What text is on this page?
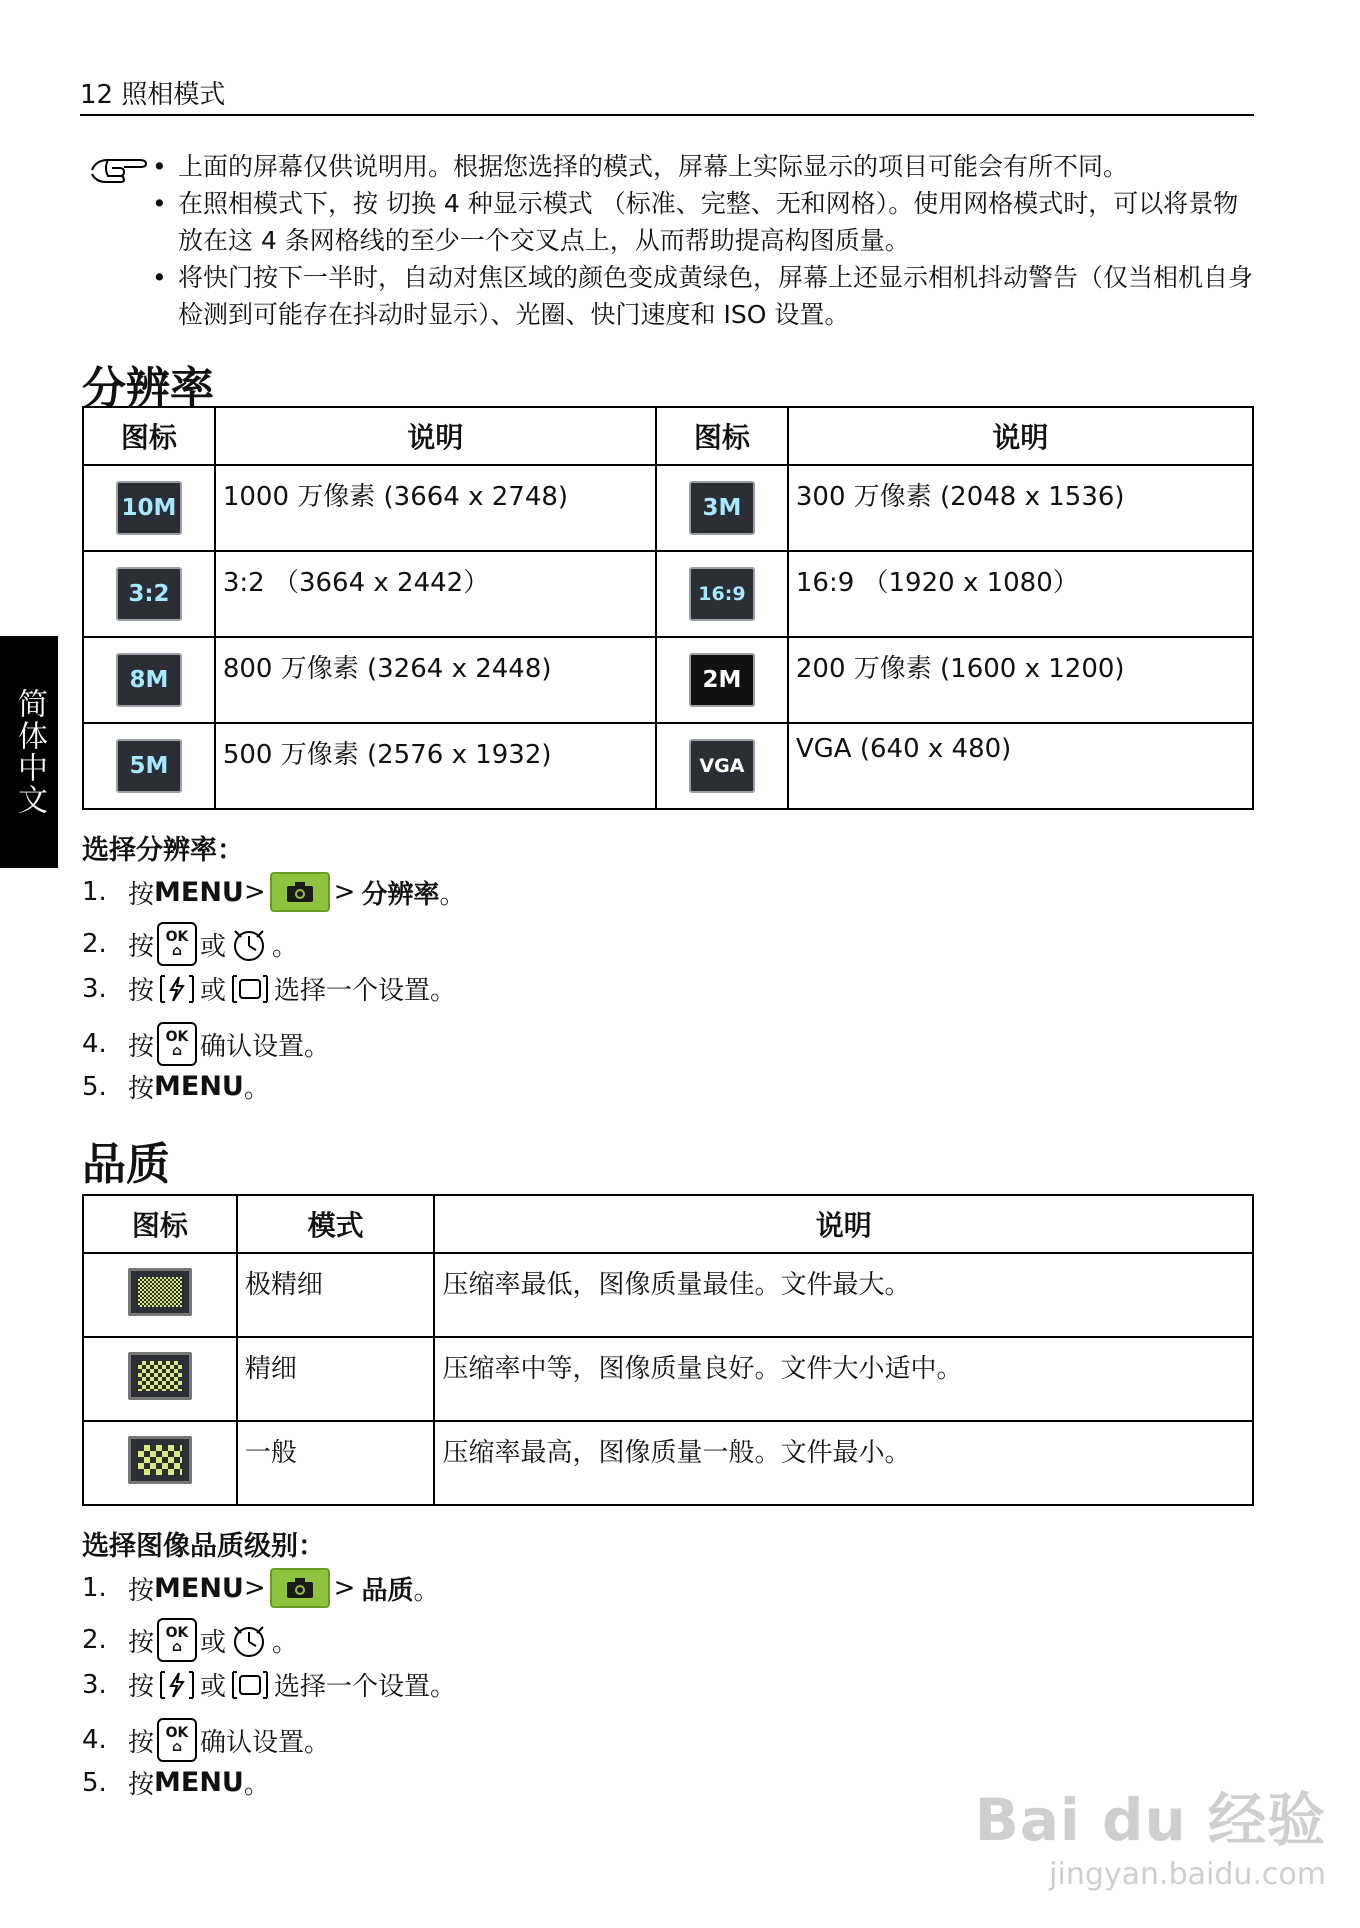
12 照相模式
简体中文
• 上面的屏幕仅供说明用。根据您选择的模式，屏幕上实际显示的项目可能会有所不同。
• 在照相模式下，按 切换 4 种显示模式 （标准、完整、无和网格）。使用网格模式时，可以将景物放在这 4 条网格线的至少一个交叉点上，从而帮助提高构图质量。
• 将快门按下一半时，自动对焦区域的颜色变成黄绿色，屏幕上还显示相机抖动警告（仅当相机自身检测到可能存在抖动时显示）、光圈、快门速度和 ISO 设置。
分辨率
图标	说明	图标	说明
10M	1000 万像素 (3664 x 2748)	3M	300 万像素 (2048 x 1536)
3:2	3:2 （3664 x 2442）	16:9	16:9 （1920 x 1080）
8M	800 万像素 (3264 x 2448)	2M	200 万像素 (1600 x 1200)
5M	500 万像素 (2576 x 1932)	VGA	VGA (640 x 480)
选择分辨率：
1. 按 MENU >	> 分辨率 。
2. 按 OK
⌂ 或 。
3. 按 或 选择一个设置。
4. 按 OK
⌂ 确认设置。
5. 按 MENU 。
品质
图标	模式	说明

	极精细	压缩率最低，图像质量最佳。文件最大。

	精细	压缩率中等，图像质量良好。文件大小适中。

	一般	压缩率最高，图像质量一般。文件最小。
选择图像品质级别：
1. 按 MENU >	> 品质 。
2. 按 OK
⌂ 或 。
3. 按 或 选择一个设置。
4. 按 OK
⌂ 确认设置。
5. 按 MENU 。
Bai du 经验
jingyan.baidu.com
